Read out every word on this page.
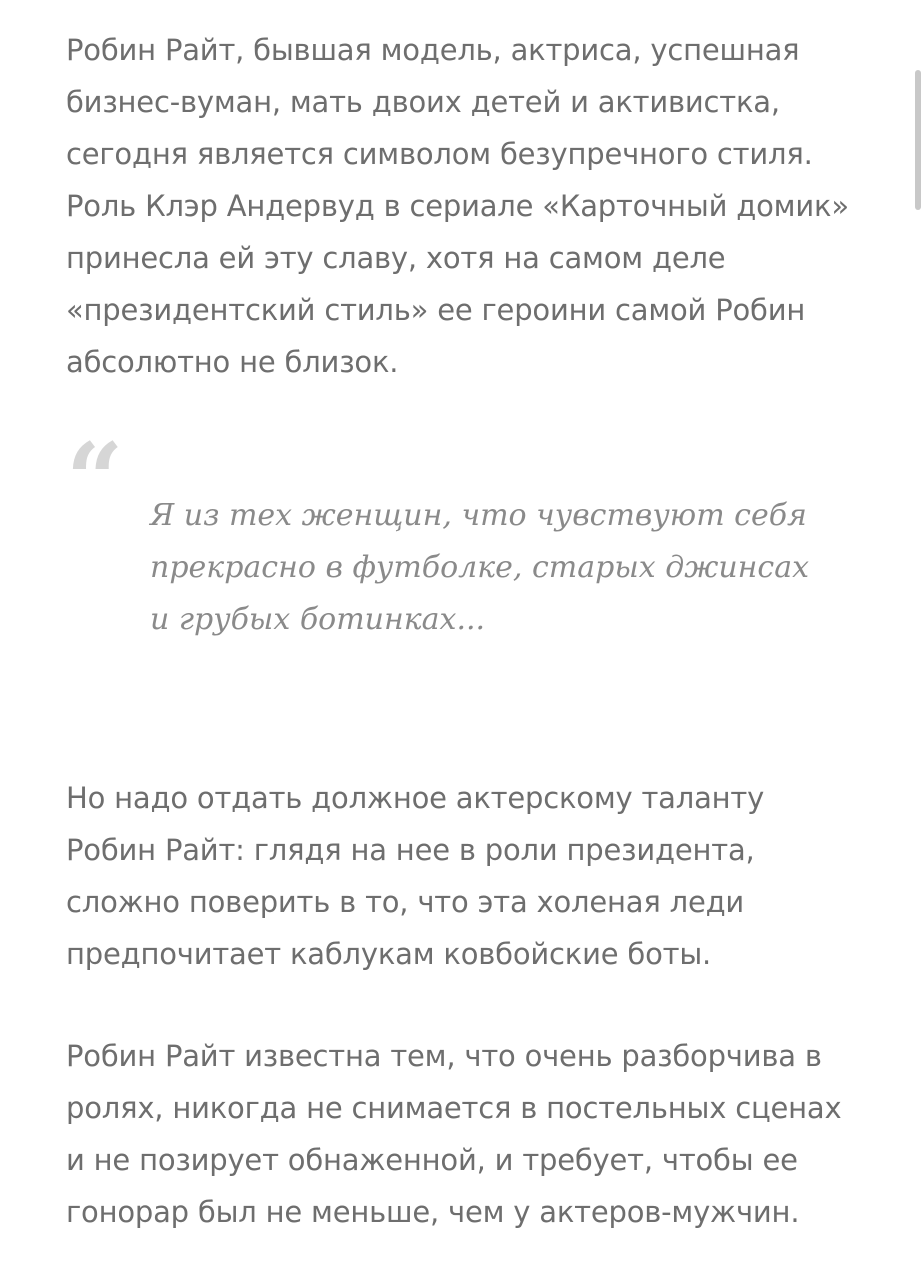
Робин Райт, бывшая модель, актриса, успешная бизнес-вуман, мать двоих детей и активистка, сегодня является символом безупречного стиля. Роль Клэр Андервуд в сериале «Карточный домик» принесла ей эту славу, хотя на самом деле «президентский стиль» ее героини самой Робин абсолютно не близок.

“ Я из тех женщин, что чувствуют себя прекрасно в футболке, старых джинсах и грубых ботинках...

Но надо отдать должное актерскому таланту Робин Райт: глядя на нее в роли президента, сложно поверить в то, что эта холеная леди предпочитает каблукам ковбойские боты.

Робин Райт известна тем, что очень разборчива в ролях, никогда не снимается в постельных сценах и не позирует обнаженной, и требует, чтобы ее гонорар был не меньше, чем у актеров-мужчин.
